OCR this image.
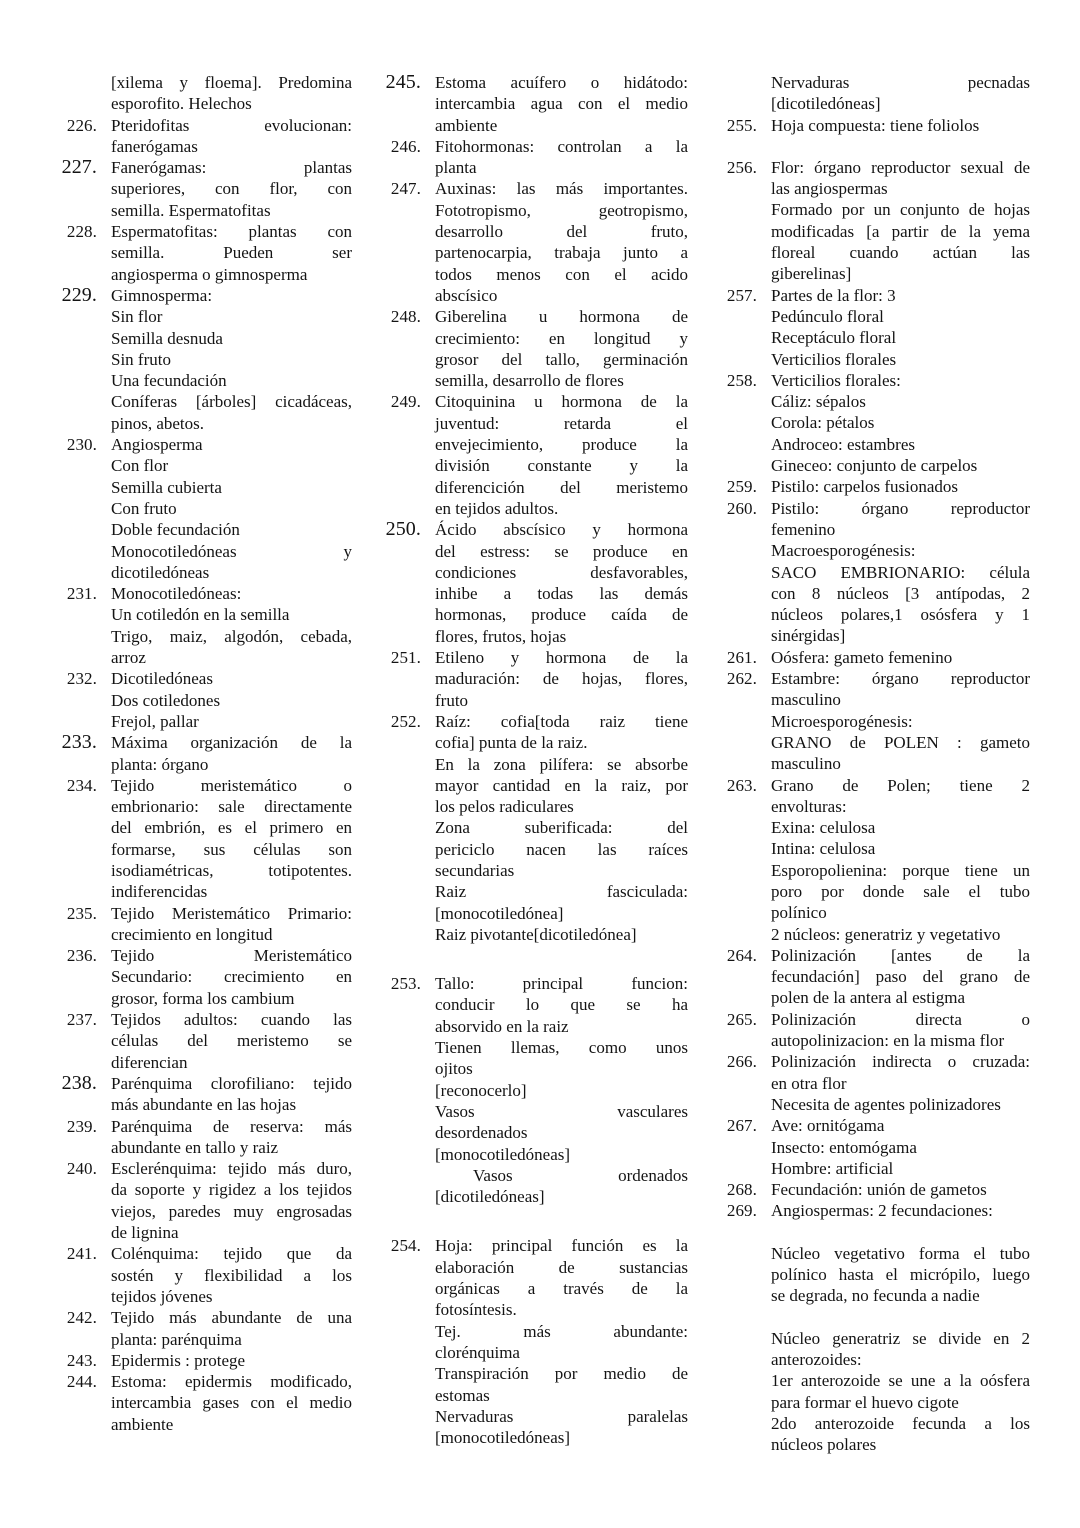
[xilema y floema]. Predomina
esporofito. Helechos
226. Pteridofitas evolucionan:
fanerógamas
227. Fanerógamas: plantas
superiores, con flor, con
semilla. Espermatofitas
228. Espermatofitas: plantas con
semilla. Pueden ser
angiosperma o gimnosperma
229. Gimnosperma:
Sin flor
Semilla desnuda
Sin fruto
Una fecundación
Coníferas [árboles] cicadáceas,
pinos, abetos.
230. Angiosperma
Con flor
Semilla cubierta
Con fruto
Doble fecundación
Monocotiledóneas y
dicotiledóneas
231. Monocotiledóneas:
Un cotiledón en la semilla
Trigo, maiz, algodón, cebada,
arroz
232. Dicotiledóneas
Dos cotiledones
Frejol, pallar
233. Máxima organización de la
planta: órgano
234. Tejido meristemático o
embrionario: sale directamente
del embrión, es el primero en
formarse, sus células son
isodiamétricas, totipotentes.
indiferencidas
235. Tejido Meristemático Primario:
crecimiento en longitud
236. Tejido Meristemático
Secundario: crecimiento en
grosor, forma los cambium
237. Tejidos adultos: cuando las
células del meristemo se
diferencian
238. Parénquima clorofiliano: tejido
más abundante en las hojas
239. Parénquima de reserva: más
abundante en tallo y raiz
240. Esclerénquima: tejido más duro,
da soporte y rigidez a los tejidos
viejos, paredes muy engrosadas
de lignina
241. Colénquima: tejido que da
sostén y flexibilidad a los
tejidos jóvenes
242. Tejido más abundante de una
planta: parénquima
243. Epidermis : protege
244. Estoma: epidermis modificado,
intercambia gases con el medio
ambiente
245. Estoma acuífero o hidátodo:
intercambia agua con el medio
ambiente
246. Fitohormonas: controlan a la
planta
247. Auxinas: las más importantes.
Fototropismo, geotropismo,
desarrollo del fruto,
partenocarpia, trabaja junto a
todos menos con el acido
abscísico
248. Giberelina u hormona de
crecimiento: en longitud y
grosor del tallo, germinación
semilla, desarrollo de flores
249. Citoquinina u hormona de la
juventud: retarda el
envejecimiento, produce la
división constante y la
diferencición del meristemo
en tejidos adultos.
250. Ácido abscísico y hormona
del estress: se produce en
condiciones desfavorables,
inhibe a todas las demás
hormonas, produce caída de
flores, frutos, hojas
251. Etileno y hormona de la
maduración: de hojas, flores,
fruto
252. Raíz: cofia[toda raiz tiene
cofia] punta de la raiz.
En la zona pilífera: se absorbe
mayor cantidad en la raiz, por
los pelos radiculares
Zona suberificada: del
periciclo nacen las raíces
secundarias
Raiz fasciculada:
[monocotiledónea]
Raiz pivotante[dicotiledónea]
253. Tallo: principal funcion:
conducir lo que se ha
absorvido en la raiz
Tienen llemas, como unos
ojitos
[reconocerlo]
Vasos vasculares
desordenados
[monocotiledóneas]
Vasos ordenados
[dicotiledóneas]
254. Hoja: principal función es la
elaboración de sustancias
orgánicas a través de la
fotosíntesis.
Tej. más abundante:
clorénquima
Transpiración por medio de
estomas
Nervaduras paralelas
[monocotiledóneas]
Nervaduras pecnadas
[dicotiledóneas]
255. Hoja compuesta: tiene foliolos
256. Flor: órgano reproductor sexual de
las angiospermas
Formado por un conjunto de hojas
modificadas [a partir de la yema
floreal cuando actúan las
giberelinas]
257. Partes de la flor: 3
Pedúnculo floral
Receptáculo floral
Verticilios florales
258. Verticilios florales:
Cáliz: sépalos
Corola: pétalos
Androceo: estambres
Gineceo: conjunto de carpelos
259. Pistilo: carpelos fusionados
260. Pistilo: órgano reproductor
femenino
Macroesporogénesis:
SACO EMBRIONARIO: célula
con 8 núcleos [3 antípodas, 2
núcleos polares,1 osósfera y 1
sinérgidas]
261. Oósfera: gameto femenino
262. Estambre: órgano reproductor
masculino
Microesporogénesis:
GRANO de POLEN : gameto
masculino
263. Grano de Polen; tiene 2
envolturas:
Exina: celulosa
Intina: celulosa
Esporopolienina: porque tiene un
poro por donde sale el tubo
polínico
2 núcleos: generatriz y vegetativo
264. Polinización [antes de la
fecundación] paso del grano de
polen de la antera al estigma
265. Polinización directa o
autopolinizacion: en la misma flor
266. Polinización indirecta o cruzada:
en otra flor
Necesita de agentes polinizadores
267. Ave: ornitógama
Insecto: entomógama
Hombre: artificial
268. Fecundación: unión de gametos
269. Angiospermas: 2 fecundaciones:
Núcleo vegetativo forma el tubo
polínico hasta el micrópilo, luego
se degrada, no fecunda a nadie
Núcleo generatriz se divide en 2
anterozoides:
1er anterozoide se une a la oósfera
para formar el huevo cigote
2do anterozoide fecunda a los
núcleos polares
